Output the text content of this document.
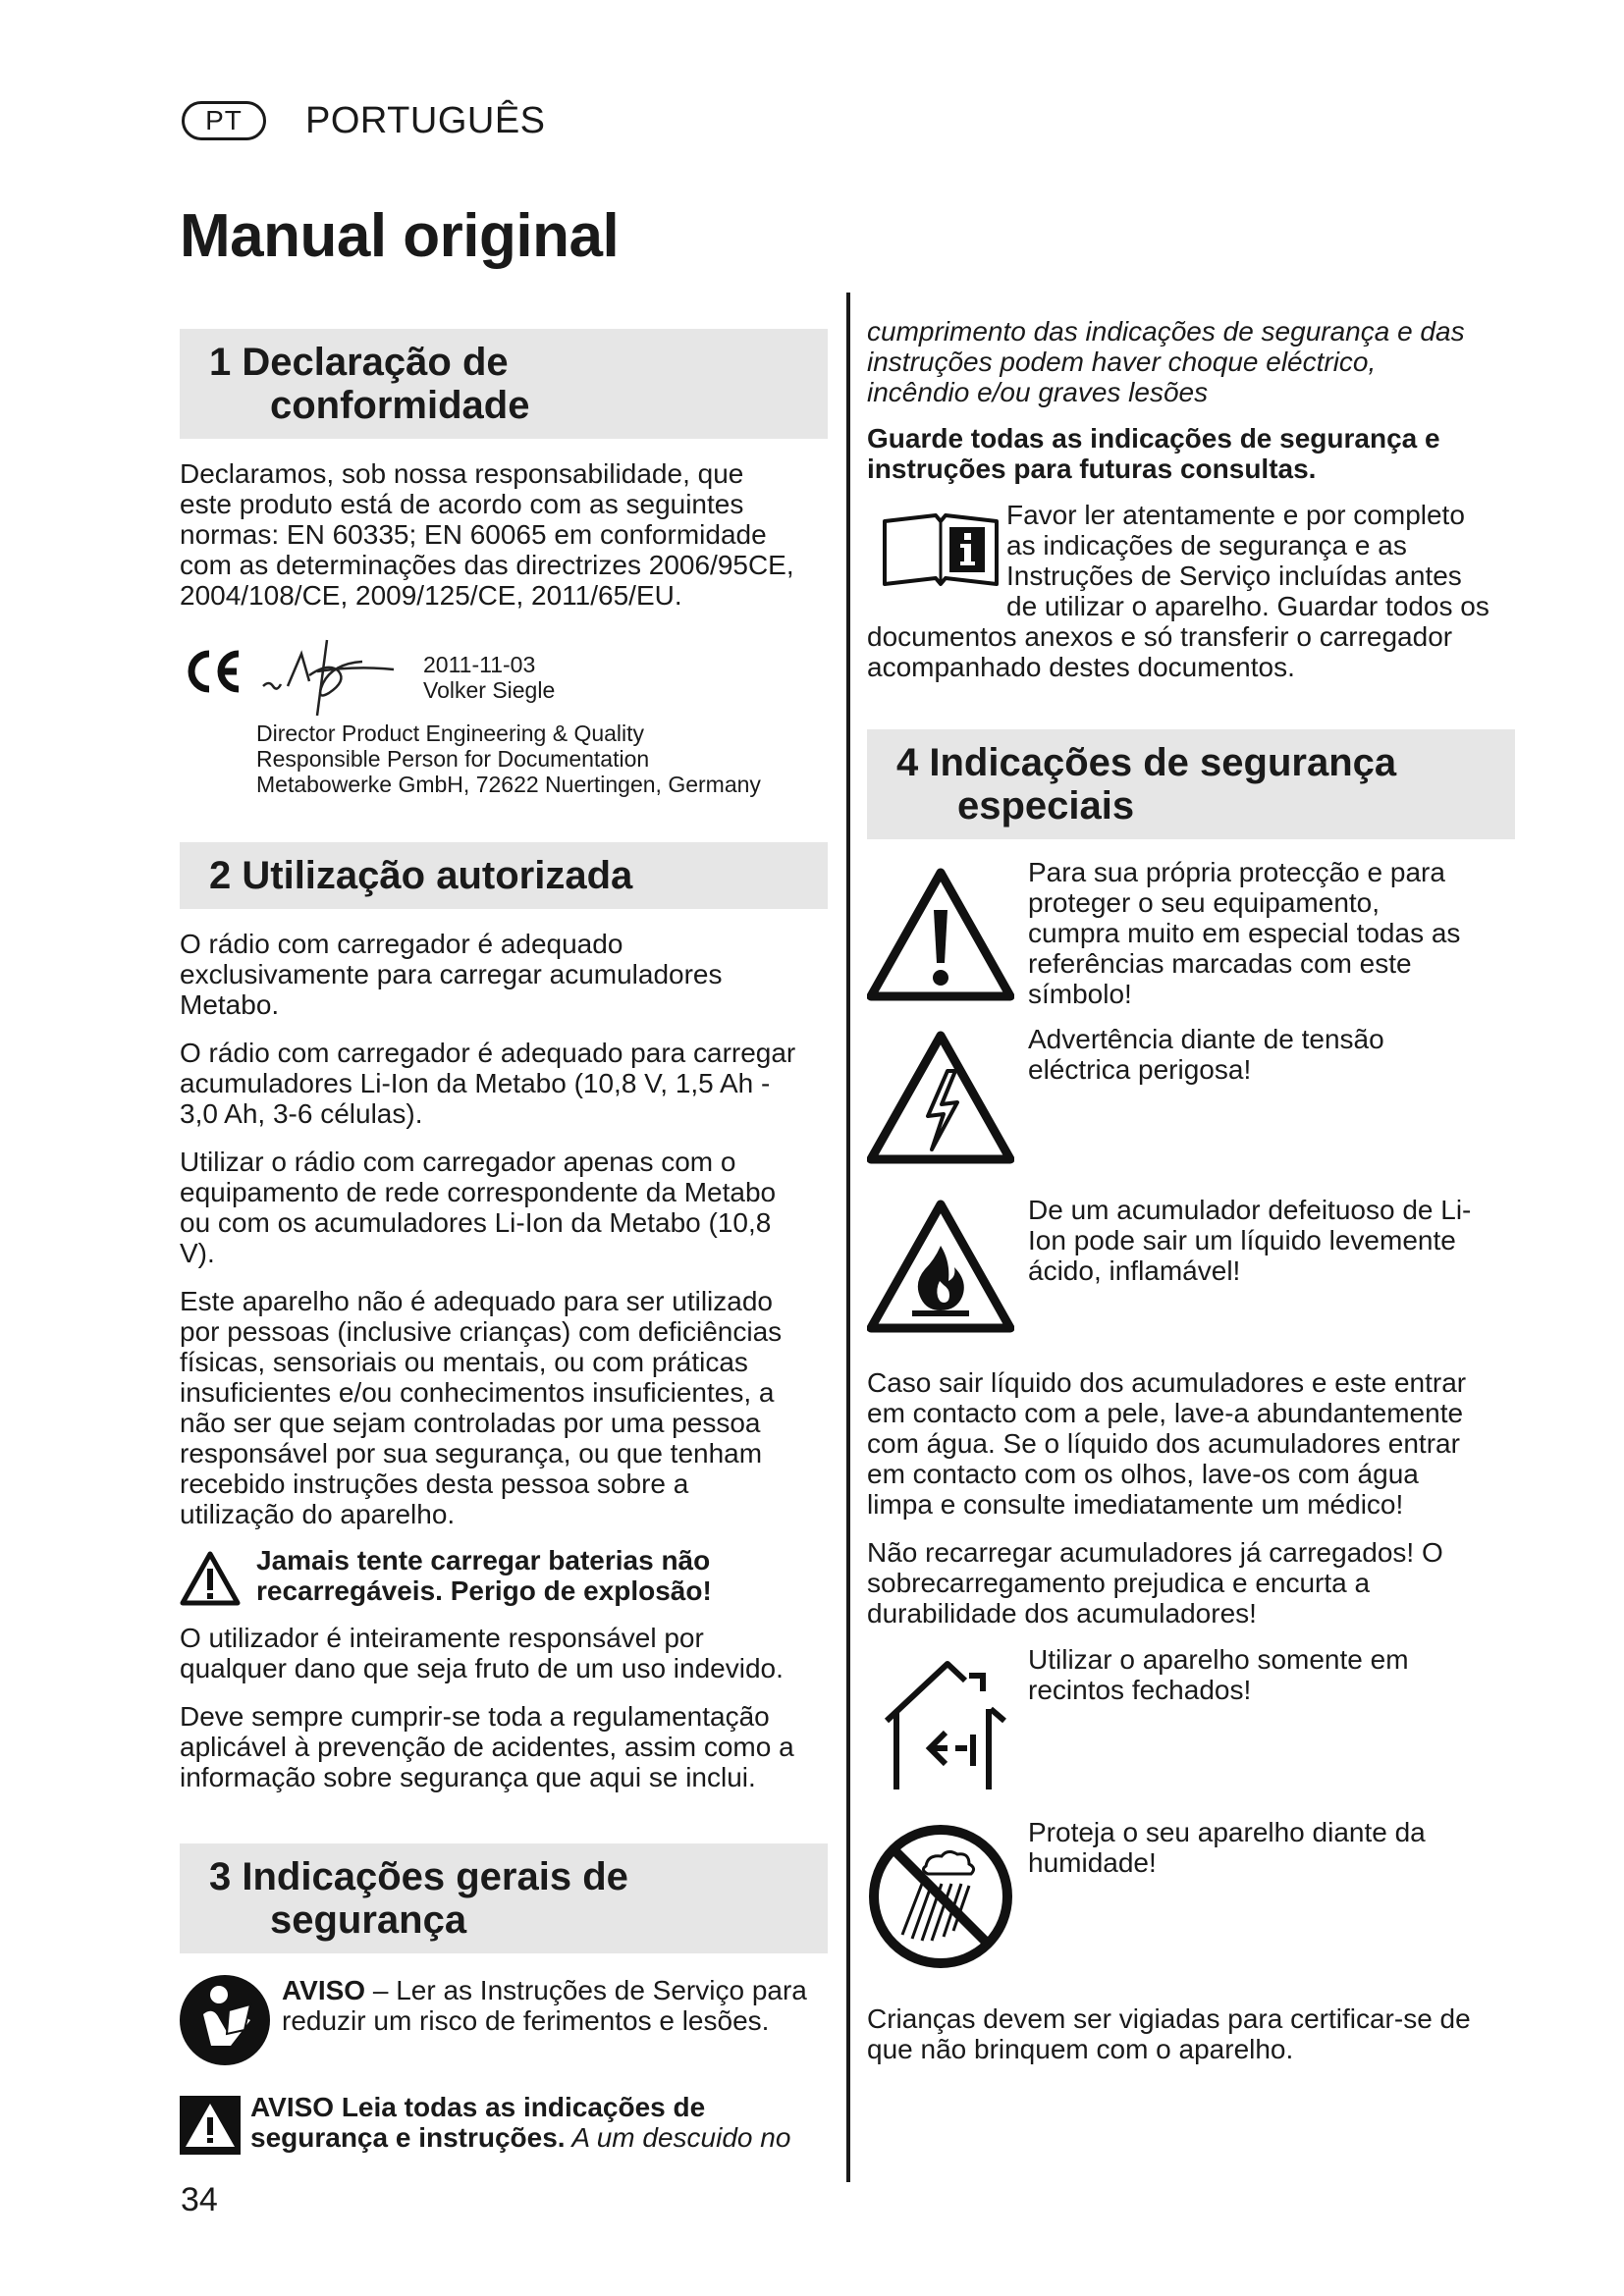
PT	PORTUGUÊS
Manual original
1 Declaração de
conformidade

Declaramos, sob nossa responsabilidade, que
este produto está de acordo com as seguintes
normas: EN 60335; EN 60065 em conformidade
com as determinações das directrizes 2006/95CE,
2004/108/CE, 2009/125/CE, 2011/65/EU.

2011-11-03
Volker Siegle
Director Product Engineering & Quality
Responsible Person for Documentation
Metabowerke GmbH, 72622 Nuertingen, Germany
2 Utilização autorizada

O rádio com carregador é adequado
exclusivamente para carregar acumuladores
Metabo.

O rádio com carregador é adequado para carregar
acumuladores Li-Ion da Metabo (10,8 V, 1,5 Ah -
3,0 Ah, 3-6 células).

Utilizar o rádio com carregador apenas com o
equipamento de rede correspondente da Metabo
ou com os acumuladores Li-Ion da Metabo (10,8
V).

Este aparelho não é adequado para ser utilizado
por pessoas (inclusive crianças) com deficiências
físicas, sensoriais ou mentais, ou com práticas
insuficientes e/ou conhecimentos insuficientes, a
não ser que sejam controladas por uma pessoa
responsável por sua segurança, ou que tenham
recebido instruções desta pessoa sobre a
utilização do aparelho.

Jamais tente carregar baterias não
recarregáveis. Perigo de explosão!

O utilizador é inteiramente responsável por
qualquer dano que seja fruto de um uso indevido.

Deve sempre cumprir-se toda a regulamentação
aplicável à prevenção de acidentes, assim como a
informação sobre segurança que aqui se inclui.

3 Indicações gerais de
segurança

AVISO – Ler as Instruções de Serviço para
reduzir um risco de ferimentos e lesões.

AVISO Leia todas as indicações de
segurança e instruções. A um descuido no

cumprimento das indicações de segurança e das
instruções podem haver choque eléctrico,
incêndio e/ou graves lesões

Guarde todas as indicações de segurança e
instruções para futuras consultas.

Favor ler atentamente e por completo
as indicações de segurança e as
Instruções de Serviço incluídas antes
de utilizar o aparelho. Guardar todos os

documentos anexos e só transferir o carregador
acompanhado destes documentos.

4 Indicações de segurança
especiais

Para sua própria protecção e para
proteger o seu equipamento,
cumpra muito em especial todas as
referências marcadas com este
símbolo!

Advertência diante de tensão
eléctrica perigosa!

De um acumulador defeituoso de Li-
Ion pode sair um líquido levemente
ácido, inflamável!

Caso sair líquido dos acumuladores e este entrar
em contacto com a pele, lave-a abundantemente
com água. Se o líquido dos acumuladores entrar
em contacto com os olhos, lave-os com água
limpa e consulte imediatamente um médico!

Não recarregar acumuladores já carregados! O
sobrecarregamento prejudica e encurta a
durabilidade dos acumuladores!

Utilizar o aparelho somente em
recintos fechados!

Proteja o seu aparelho diante da
humidade!

Crianças devem ser vigiadas para certificar-se de
que não brinquem com o aparelho.

34
